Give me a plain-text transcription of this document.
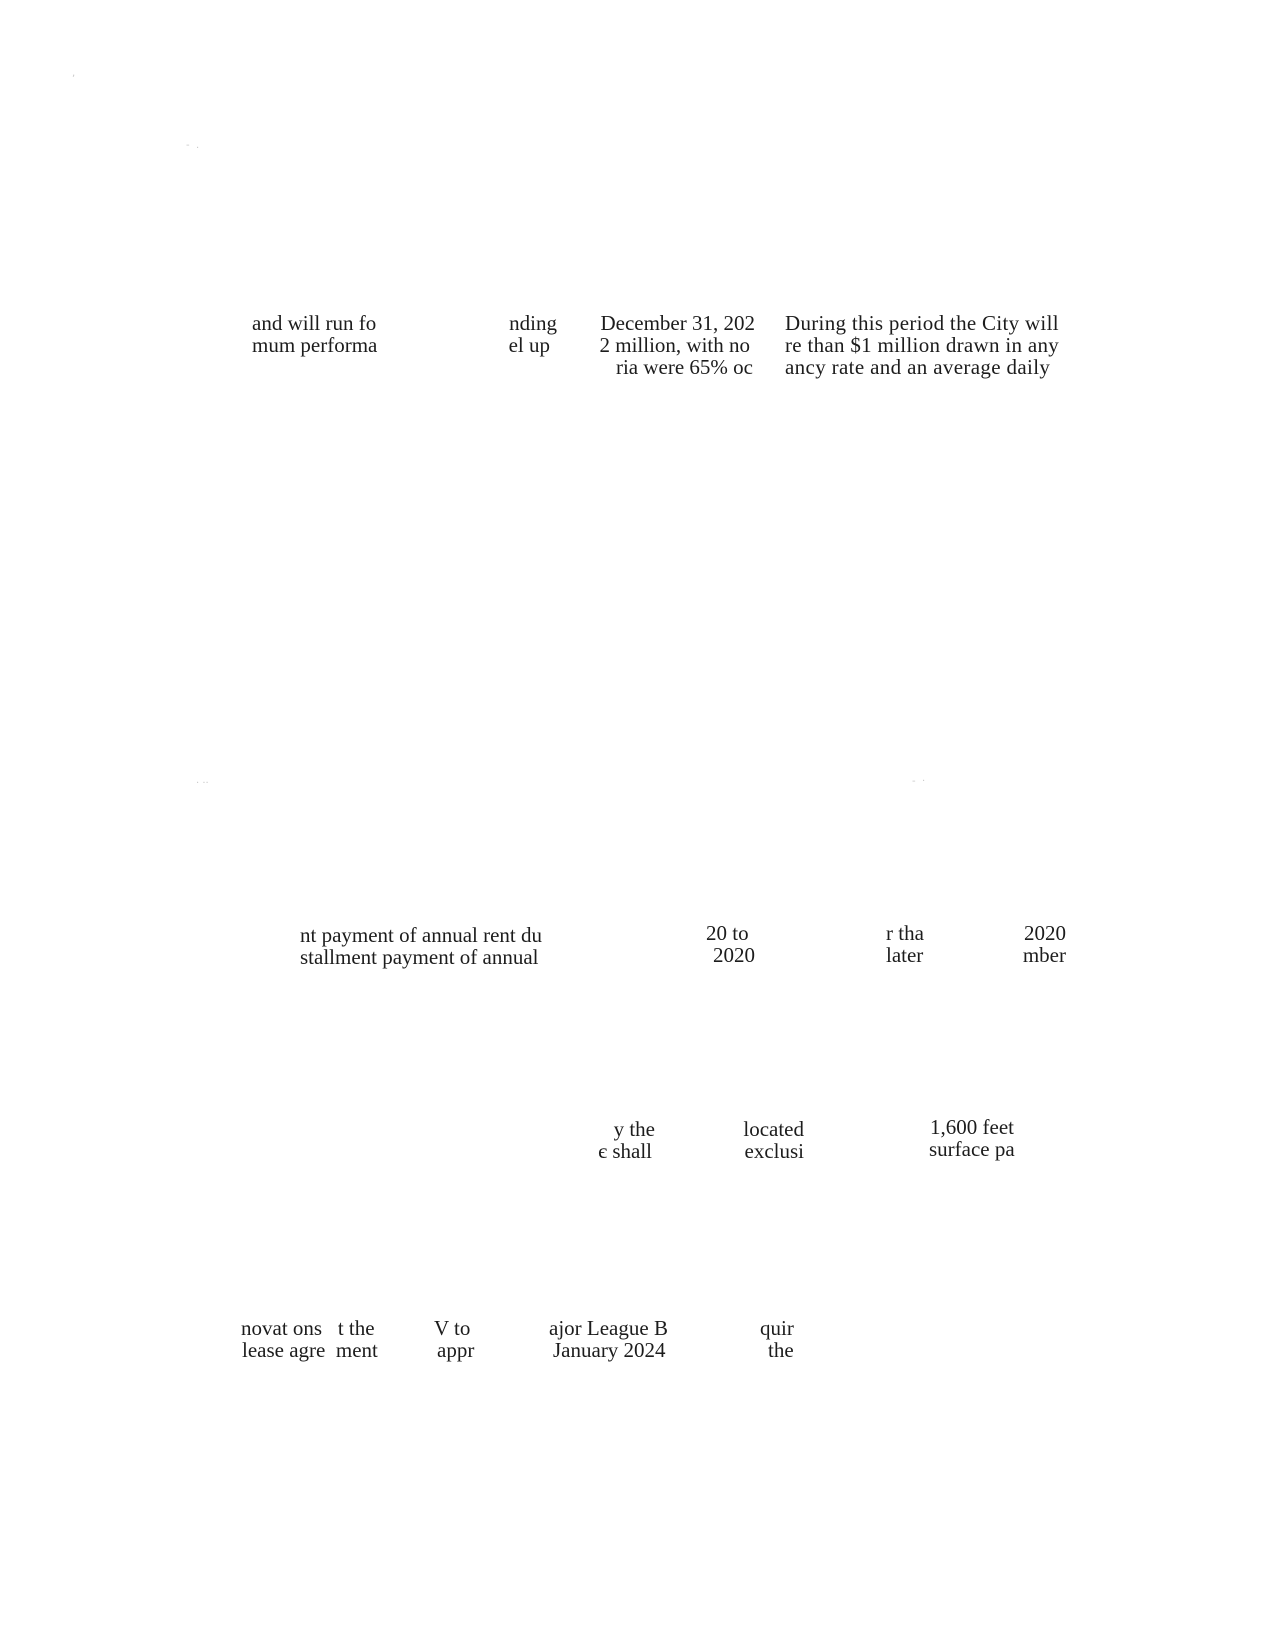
,
-  .
· ··	-  ·
and will run fo
mum performa
nding
el up
December 31, 202
2 million, with no
ria were 65% oc
During this period the City will
re than $1 million drawn in any
ancy rate and an average daily
nt payment of annual rent du
stallment payment of annual
20 to
2020
r tha
later
2020
mber
y the
є shall
located
exclusi
1,600 feet
surface pa
novat ons   t the
lease agre  ment
V to
appr
ajor League B
January 2024
quir
the
